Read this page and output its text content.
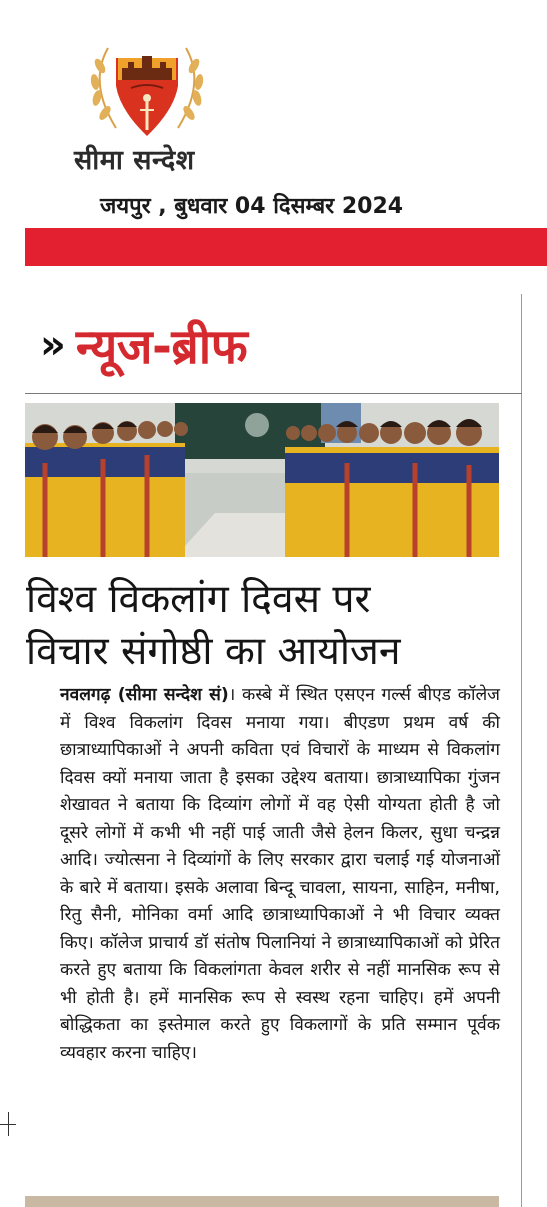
सीमा सन्देश
जयपुर , बुधवार 04 दिसम्बर 2024
» न्यूज-ब्रीफ
विश्व विकलांग दिवस पर
विचार संगोष्ठी का आयोजन
नवलगढ़ (सीमा सन्देश सं)। कस्बे में स्थित एसएन गर्ल्स बीएड कॉलेज में विश्व विकलांग दिवस मनाया गया। बीएडण प्रथम वर्ष की छात्राध्यापिकाओं ने अपनी कविता एवं विचारों के माध्यम से विकलांग दिवस क्यों मनाया जाता है इसका उद्देश्य बताया। छात्राध्यापिका गुंजन शेखावत ने बताया कि दिव्यांग लोगों में वह ऐसी योग्यता होती है जो दूसरे लोगों में कभी भी नहीं पाई जाती जैसे हेलन किलर, सुधा चन्द्रन्न आदि। ज्योत्सना ने दिव्यांगों के लिए सरकार द्वारा चलाई गई योजनाओं के बारे में बताया। इसके अलावा बिन्दू चावला, सायना, साहिन, मनीषा, रितु सैनी, मोनिका वर्मा आदि छात्राध्यापिकाओं ने भी विचार व्यक्त किए। कॉलेज प्राचार्य डॉ संतोष पिलानियां ने छात्राध्यापिकाओं को प्रेरित करते हुए बताया कि विकलांगता केवल शरीर से नहीं मानसिक रूप से भी होती है। हमें मानसिक रूप से स्वस्थ रहना चाहिए। हमें अपनी बोद्धिकता का इस्तेमाल करते हुए विकलागों के प्रति सम्मान पूर्वक व्यवहार करना चाहिए।
